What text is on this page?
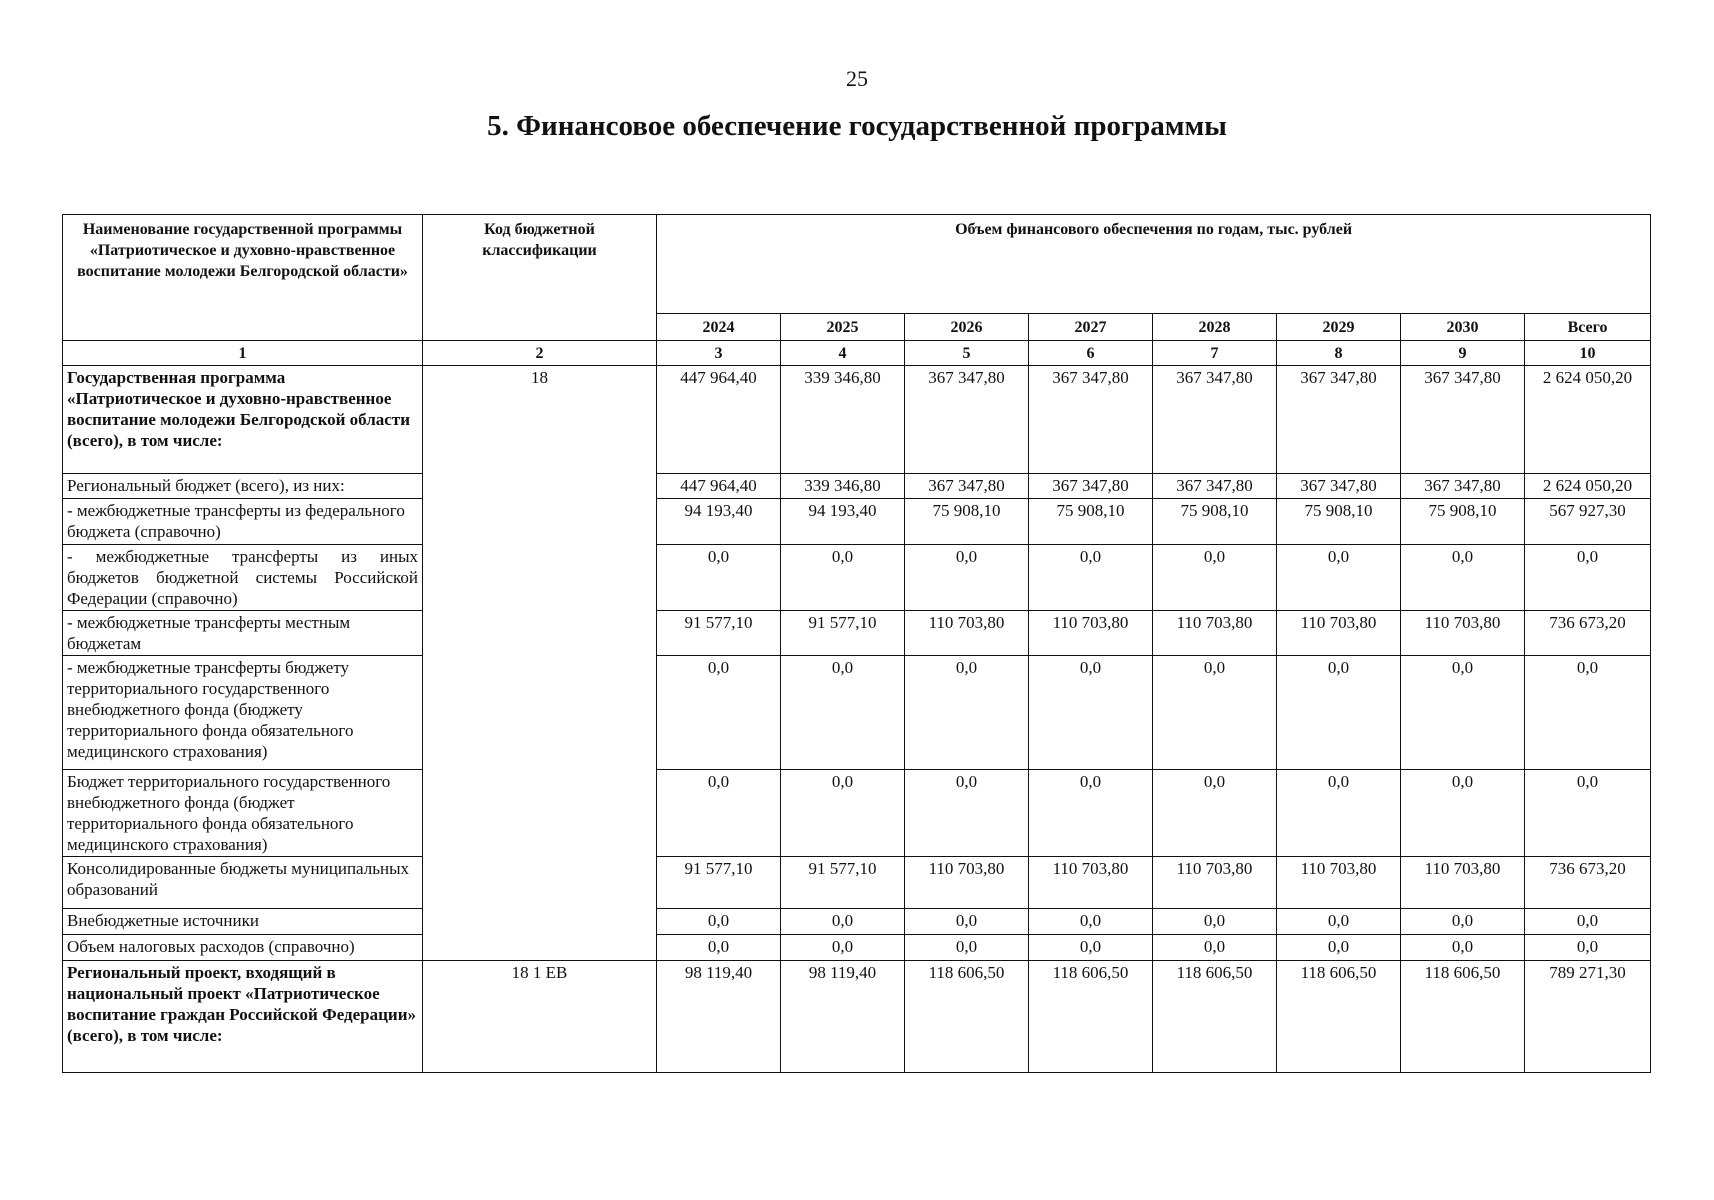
25
5. Финансовое обеспечение государственной программы
Наименование государственной программы «Патриотическое и духовно-нравственное воспитание молодежи Белгородской области»	Код бюджетной классификации	Объем финансового обеспечения по годам, тыс. рублей							
		2024	2025	2026	2027	2028	2029	2030	Всего
1	2	3	4	5	6	7	8	9	10
Государственная программа «Патриотическое и духовно-нравственное воспитание молодежи Белгородской области (всего), в том числе:	18	447 964,40	339 346,80	367 347,80	367 347,80	367 347,80	367 347,80	367 347,80	2 624 050,20
Региональный бюджет (всего), из них:		447 964,40	339 346,80	367 347,80	367 347,80	367 347,80	367 347,80	367 347,80	2 624 050,20
- межбюджетные трансферты из федерального бюджета (справочно)		94 193,40	94 193,40	75 908,10	75 908,10	75 908,10	75 908,10	75 908,10	567 927,30
- межбюджетные трансферты из иных бюджетов бюджетной системы Российской Федерации (справочно)		0,0	0,0	0,0	0,0	0,0	0,0	0,0	0,0
- межбюджетные трансферты местным бюджетам		91 577,10	91 577,10	110 703,80	110 703,80	110 703,80	110 703,80	110 703,80	736 673,20
- межбюджетные трансферты бюджету территориального государственного внебюджетного фонда (бюджету территориального фонда обязательного медицинского страхования)		0,0	0,0	0,0	0,0	0,0	0,0	0,0	0,0
Бюджет территориального государственного внебюджетного фонда (бюджет территориального фонда обязательного медицинского страхования)		0,0	0,0	0,0	0,0	0,0	0,0	0,0	0,0
Консолидированные бюджеты муниципальных образований		91 577,10	91 577,10	110 703,80	110 703,80	110 703,80	110 703,80	110 703,80	736 673,20
Внебюджетные источники		0,0	0,0	0,0	0,0	0,0	0,0	0,0	0,0
Объем налоговых расходов (справочно)		0,0	0,0	0,0	0,0	0,0	0,0	0,0	0,0
Региональный проект, входящий в национальный проект «Патриотическое воспитание граждан Российской Федерации» (всего), в том числе:	18 1 ЕВ	98 119,40	98 119,40	118 606,50	118 606,50	118 606,50	118 606,50	118 606,50	789 271,30
